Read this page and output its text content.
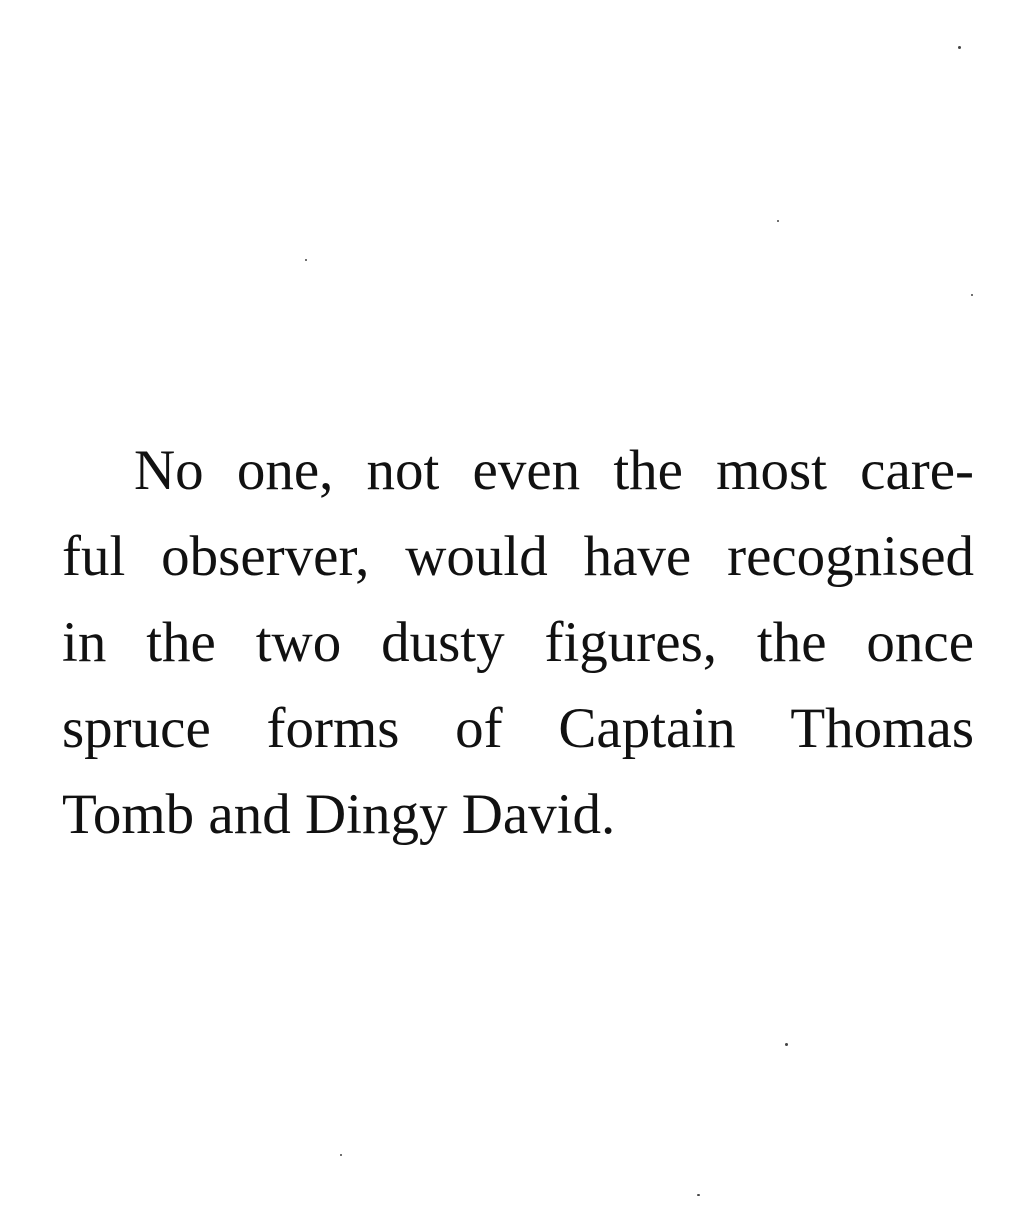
No one, not even the most care-
ful observer, would have recognised
in the two dusty figures, the once
spruce forms of Captain Thomas
Tomb and Dingy David.
